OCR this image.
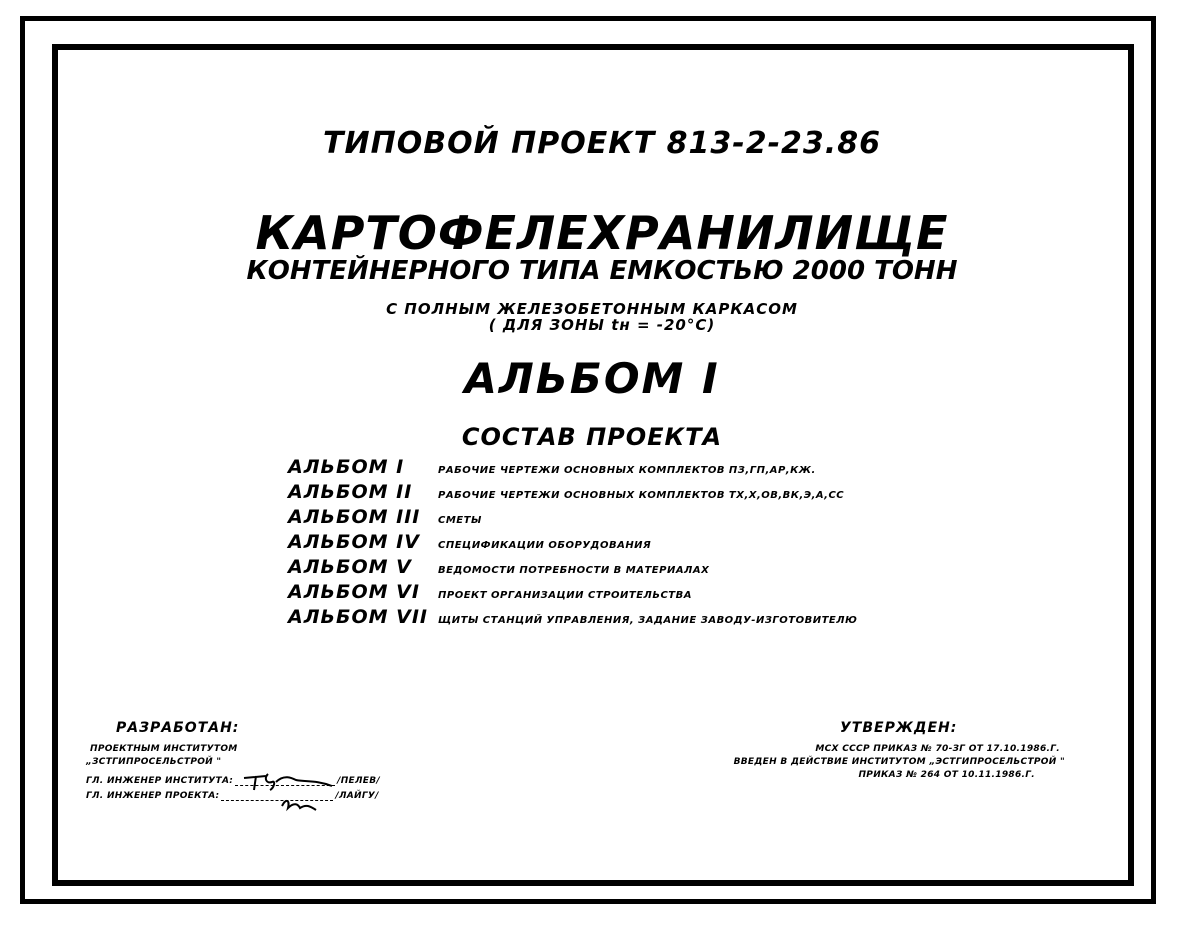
ТИПОВОЙ ПРОЕКТ 813-2-23.86
КАРТОФЕЛЕХРАНИЛИЩЕ
КОНТЕЙНЕРНОГО ТИПА ЕМКОСТЬЮ 2000 ТОНН
С ПОЛНЫМ ЖЕЛЕЗОБЕТОННЫМ КАРКАСОМ
( ДЛЯ ЗОНЫ tн = -20°С)
АЛЬБОМ I
СОСТАВ ПРОЕКТА
АЛЬБОМ I	РАБОЧИЕ ЧЕРТЕЖИ ОСНОВНЫХ КОМПЛЕКТОВ ПЗ,ГП,АР,КЖ.
АЛЬБОМ II	РАБОЧИЕ ЧЕРТЕЖИ ОСНОВНЫХ КОМПЛЕКТОВ ТХ,Х,ОВ,ВК,Э,А,СС
АЛЬБОМ III	СМЕТЫ
АЛЬБОМ IV	СПЕЦИФИКАЦИИ ОБОРУДОВАНИЯ
АЛЬБОМ V	ВЕДОМОСТИ ПОТРЕБНОСТИ В МАТЕРИАЛАХ
АЛЬБОМ VI	ПРОЕКТ ОРГАНИЗАЦИИ СТРОИТЕЛЬСТВА
АЛЬБОМ VII	ЩИТЫ СТАНЦИЙ УПРАВЛЕНИЯ, ЗАДАНИЕ ЗАВОДУ-ИЗГОТОВИТЕЛЮ
РАЗРАБОТАН:
ПРОЕКТНЫМ ИНСТИТУТОМ
„ЗСТГИПРОСЕЛЬСТРОЙ "
ГЛ. ИНЖЕНЕР ИНСТИТУТА:	/ПЕЛЕВ/
ГЛ. ИНЖЕНЕР ПРОЕКТА:	/ЛАЙГУ/
УТВЕРЖДЕН:
МСХ СССР ПРИКАЗ № 70-ЗГ ОТ 17.10.1986.Г.
ВВЕДЕН В ДЕЙСТВИЕ ИНСТИТУТОМ „ЭСТГИПРОСЕЛЬСТРОЙ "
ПРИКАЗ № 264 ОТ 10.11.1986.Г.
